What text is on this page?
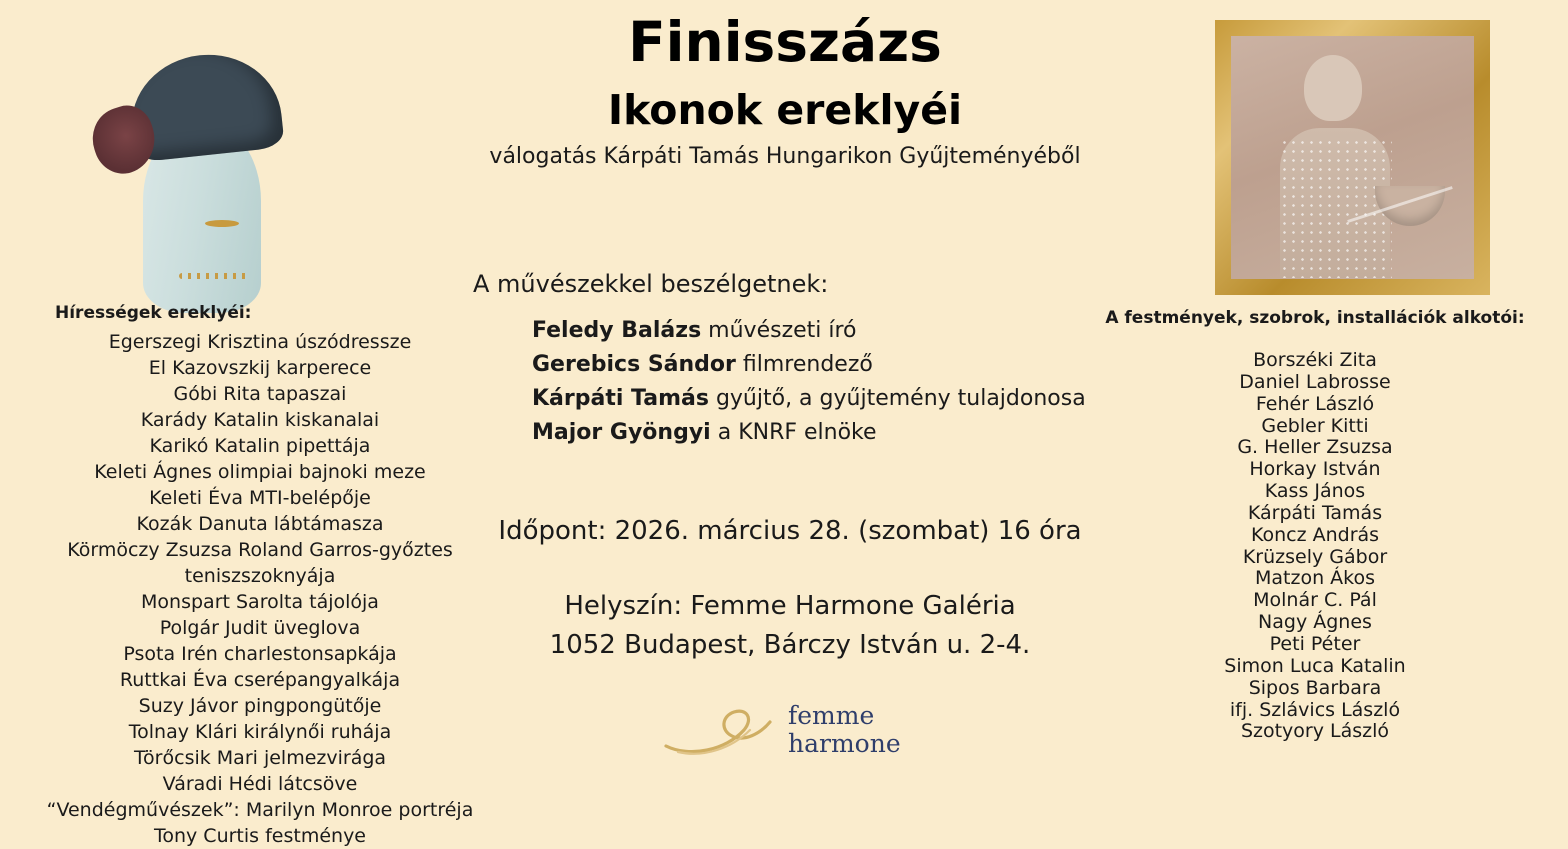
Finisszázs
Ikonok ereklyéi
válogatás Kárpáti Tamás Hungarikon Gyűjteményéből
Hírességek ereklyéi:
Egerszegi Krisztina úszódressze
El Kazovszkij karperece
Góbi Rita tapaszai
Karády Katalin kiskanalai
Karikó Katalin pipettája
Keleti Ágnes olimpiai bajnoki meze
Keleti Éva MTI-belépője
Kozák Danuta lábtámasza
Körmöczy Zsuzsa Roland Garros-győztes
teniszszoknyája
Monspart Sarolta tájolója
Polgár Judit üveglova
Psota Irén charlestonsapkája
Ruttkai Éva cserépangyalkája
Suzy Jávor pingpongütője
Tolnay Klári királynői ruhája
Törőcsik Mari jelmezvirága
Váradi Hédi látcsöve
“Vendégművészek”: Marilyn Monroe portréja
Tony Curtis festménye
A művészekkel beszélgetnek:
Feledy Balázs művészeti író
Gerebics Sándor filmrendező
Kárpáti Tamás gyűjtő, a gyűjtemény tulajdonosa
Major Gyöngyi a KNRF elnöke
Időpont: 2026. március 28. (szombat) 16 óra
Helyszín: Femme Harmone Galéria
1052 Budapest, Bárczy István u. 2-4.
femme
harmone
A festmények, szobrok, installációk alkotói:
Borszéki Zita
Daniel Labrosse
Fehér László
Gebler Kitti
G. Heller Zsuzsa
Horkay István
Kass János
Kárpáti Tamás
Koncz András
Krüzsely Gábor
Matzon Ákos
Molnár C. Pál
Nagy Ágnes
Peti Péter
Simon Luca Katalin
Sipos Barbara
ifj. Szlávics László
Szotyory László
